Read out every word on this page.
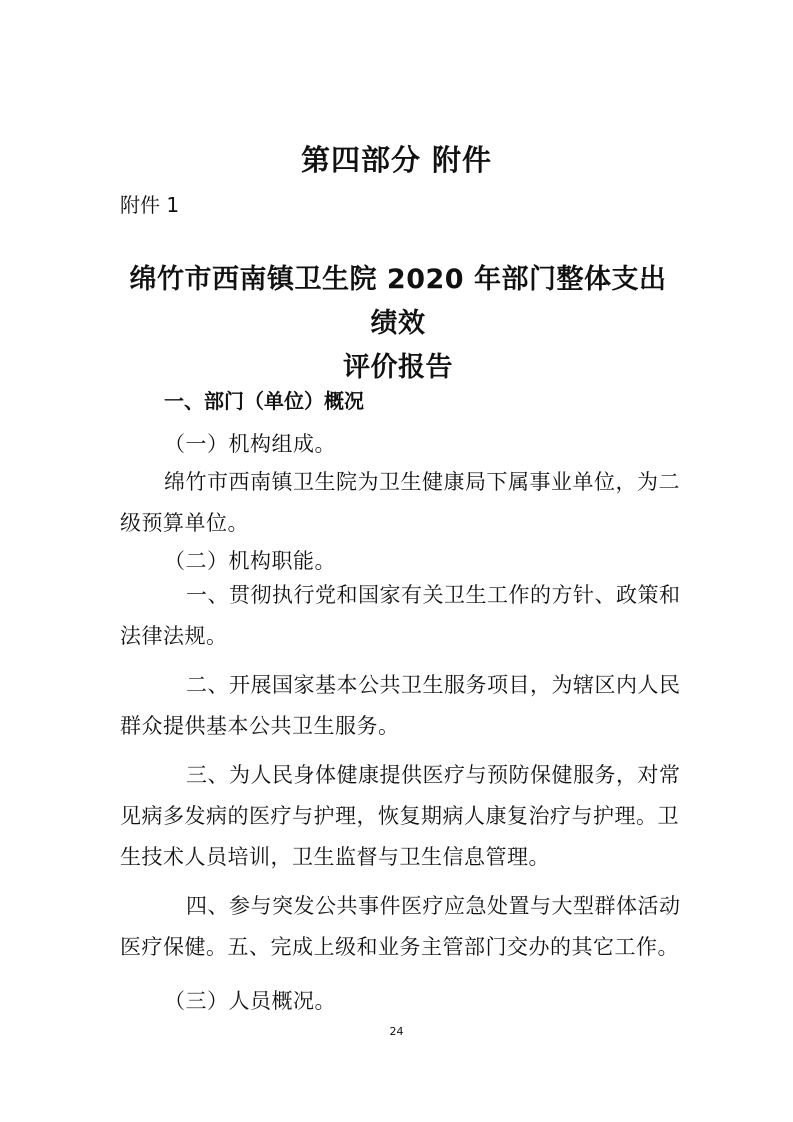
第四部分 附件
附件 1
绵竹市西南镇卫生院 2020 年部门整体支出绩效
评价报告
一、部门（单位）概况
（一）机构组成。
绵竹市西南镇卫生院为卫生健康局下属事业单位，为二
级预算单位。
（二）机构职能。
一、贯彻执行党和国家有关卫生工作的方针、政策和
法律法规。
二、开展国家基本公共卫生服务项目，为辖区内人民
群众提供基本公共卫生服务。
三、为人民身体健康提供医疗与预防保健服务，对常
见病多发病的医疗与护理，恢复期病人康复治疗与护理。卫
生技术人员培训，卫生监督与卫生信息管理。
四、参与突发公共事件医疗应急处置与大型群体活动
医疗保健。五、完成上级和业务主管部门交办的其它工作。
（三）人员概况。
24
